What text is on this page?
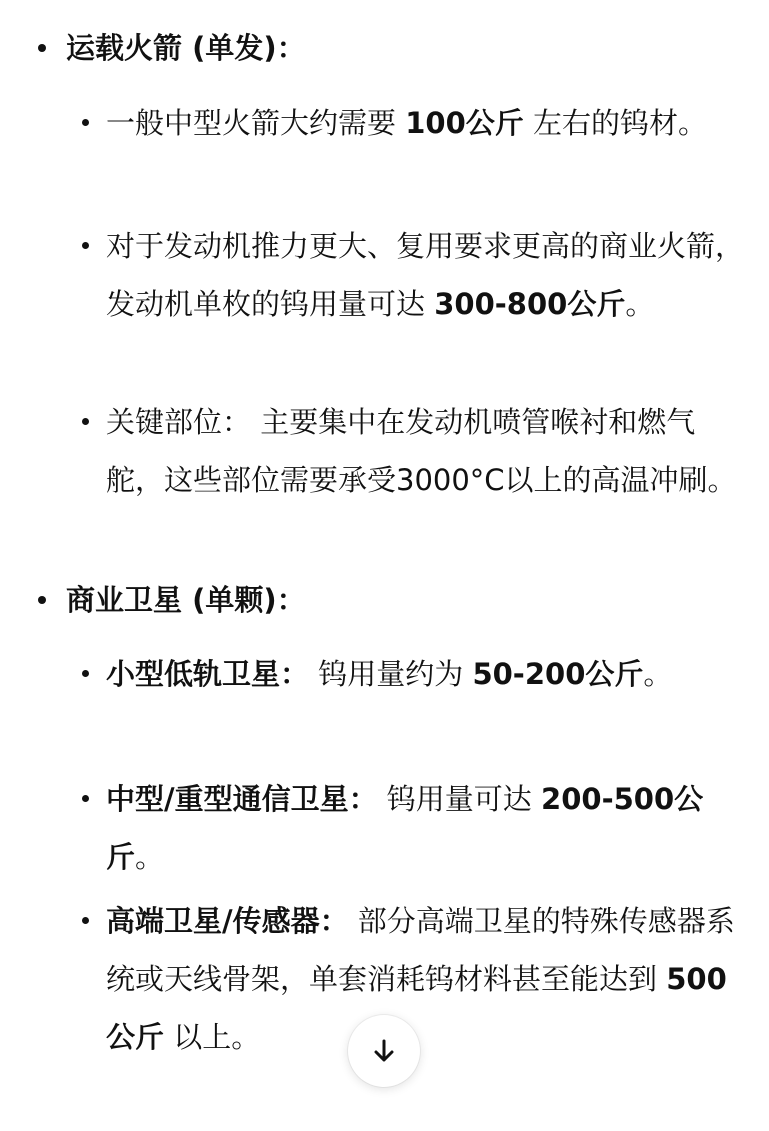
运载火箭 (单发)：
一般中型火箭大约需要 100公斤 左右的钨材。
对于发动机推力更大、复用要求更高的商业火箭，发动机单枚的钨用量可达 300-800公斤。
关键部位： 主要集中在发动机喷管喉衬和燃气舵，这些部位需要承受3000°C以上的高温冲刷。
商业卫星 (单颗)：
小型低轨卫星： 钨用量约为 50-200公斤。
中型/重型通信卫星： 钨用量可达 200-500公斤。
高端卫星/传感器： 部分高端卫星的特殊传感器系统或天线骨架，单套消耗钨材料甚至能达到 500公斤 以上。
